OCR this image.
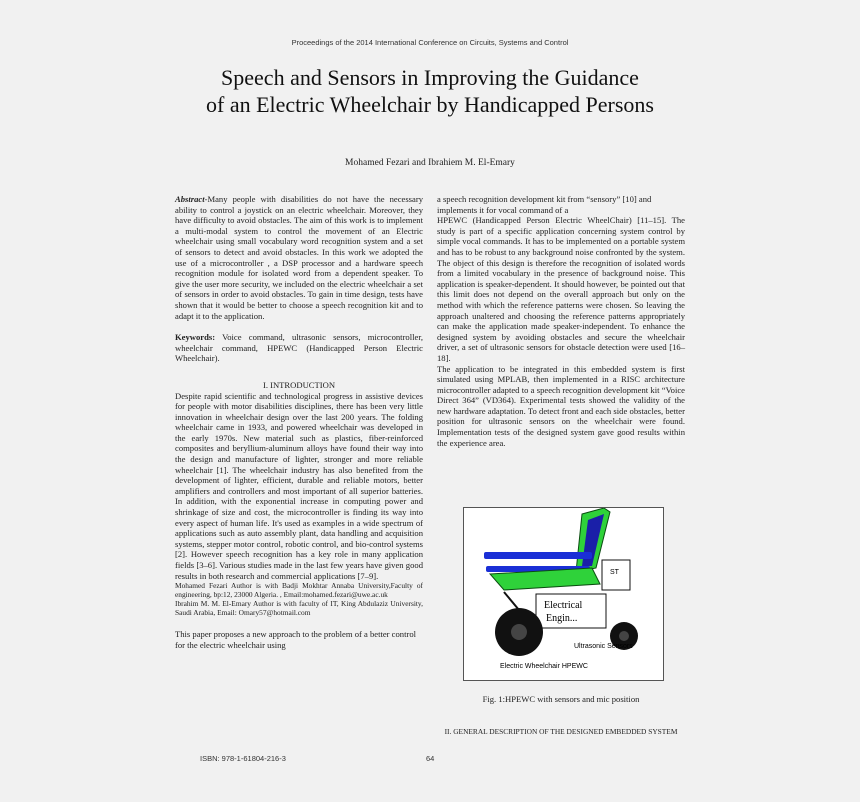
Proceedings of the 2014 International Conference on Circuits, Systems and Control
Speech and Sensors in Improving the Guidance
of an Electric Wheelchair by Handicapped Persons
Mohamed Fezari and Ibrahiem M. El-Emary

Abstract-Many people with disabilities do not have the necessary ability to control a joystick on an electric wheelchair. Moreover, they have difficulty to avoid obstacles. The aim of this work is to implement a multi-modal system to control the movement of an Electric wheelchair using small vocabulary word recognition system and a set of sensors to detect and avoid obstacles. In this work we adopted the use of a microcontroller , a DSP processor and a hardware speech recognition module for isolated word from a dependent speaker. To give the user more security, we included on the electric wheelchair a set of sensors in order to avoid obstacles. To gain in time design, tests have shown that it would be better to choose a speech recognition kit and to adapt it to the application.

Keywords: Voice command, ultrasonic sensors, microcontroller, wheelchair command, HPEWC (Handicapped Person Electric Wheelchair).

I. INTRODUCTION

Despite rapid scientific and technological progress in assistive devices for people with motor disabilities disciplines, there has been very little innovation in wheelchair design over the last 200 years. The folding wheelchair came in 1933, and powered wheelchair was developed in the early 1970s. New material such as plastics, fiber-reinforced composites and beryllium-aluminum alloys have found their way into the design and manufacture of lighter, stronger and more reliable wheelchair [1]. The wheelchair industry has also benefited from the development of lighter, efficient, durable and reliable motors, better amplifiers and controllers and most important of all superior batteries. In addition, with the exponential increase in computing power and shrinkage of size and cost, the microcontroller is finding its way into every aspect of human life. It's used as examples in a wide spectrum of applications such as auto assembly plant, data handling and acquisition systems, stepper motor control, robotic control, and bio-control systems [2]. However speech recognition has a key role in many application fields [3–6]. Various studies made in the last few years have given good results in both research and commercial applications [7–9].

Mohamed Fezari Author is with Badji Mokhtar Annaba University,Faculty of engineering, bp:12, 23000 Algeria. , Email:mohamed.fezari@uwe.ac.uk

Ibrahim M. M. El-Emary Author is with faculty of IT, King Abdulaziz University, Saudi Arabia, Email: Omary57@hotmail.com

This paper proposes a new approach to the problem of a better control for the electric wheelchair using

a speech recognition development kit from “sensory” [10] and implements it for vocal command of a

HPEWC (Handicapped Person Electric WheelChair) [11–15]. The study is part of a specific application concerning system control by simple vocal commands. It has to be implemented on a portable system and has to be robust to any background noise confronted by the system. The object of this design is therefore the recognition of isolated words from a limited vocabulary in the presence of background noise. This application is speaker-dependent. It should however, be pointed out that this limit does not depend on the overall approach but only on the method with which the reference patterns were chosen. So leaving the approach unaltered and choosing the reference patterns appropriately can make the application made speaker-independent. To enhance the designed system by avoiding obstacles and secure the wheelchair driver, a set of ultrasonic sensors for obstacle detection were used [16–18].

The application to be integrated in this embedded system is first simulated using MPLAB, then implemented in a RISC architecture microcontroller adapted to a speech recognition development kit “Voice Direct 364” (VD364). Experimental tests showed the validity of the new hardware adaptation. To detect front and each side obstacles, better position for ultrasonic sensors on the wheelchair were found. Implementation tests of the designed system gave good results within the experience area.

ST
Electrical
Engin...
Ultrasonic Sensors
Electric Wheelchair HPEWC
Fig. 1:HPEWC with sensors and mic position
II. GENERAL DESCRIPTION OF THE DESIGNED EMBEDDED SYSTEM
ISBN: 978-1-61804-216-3	64
